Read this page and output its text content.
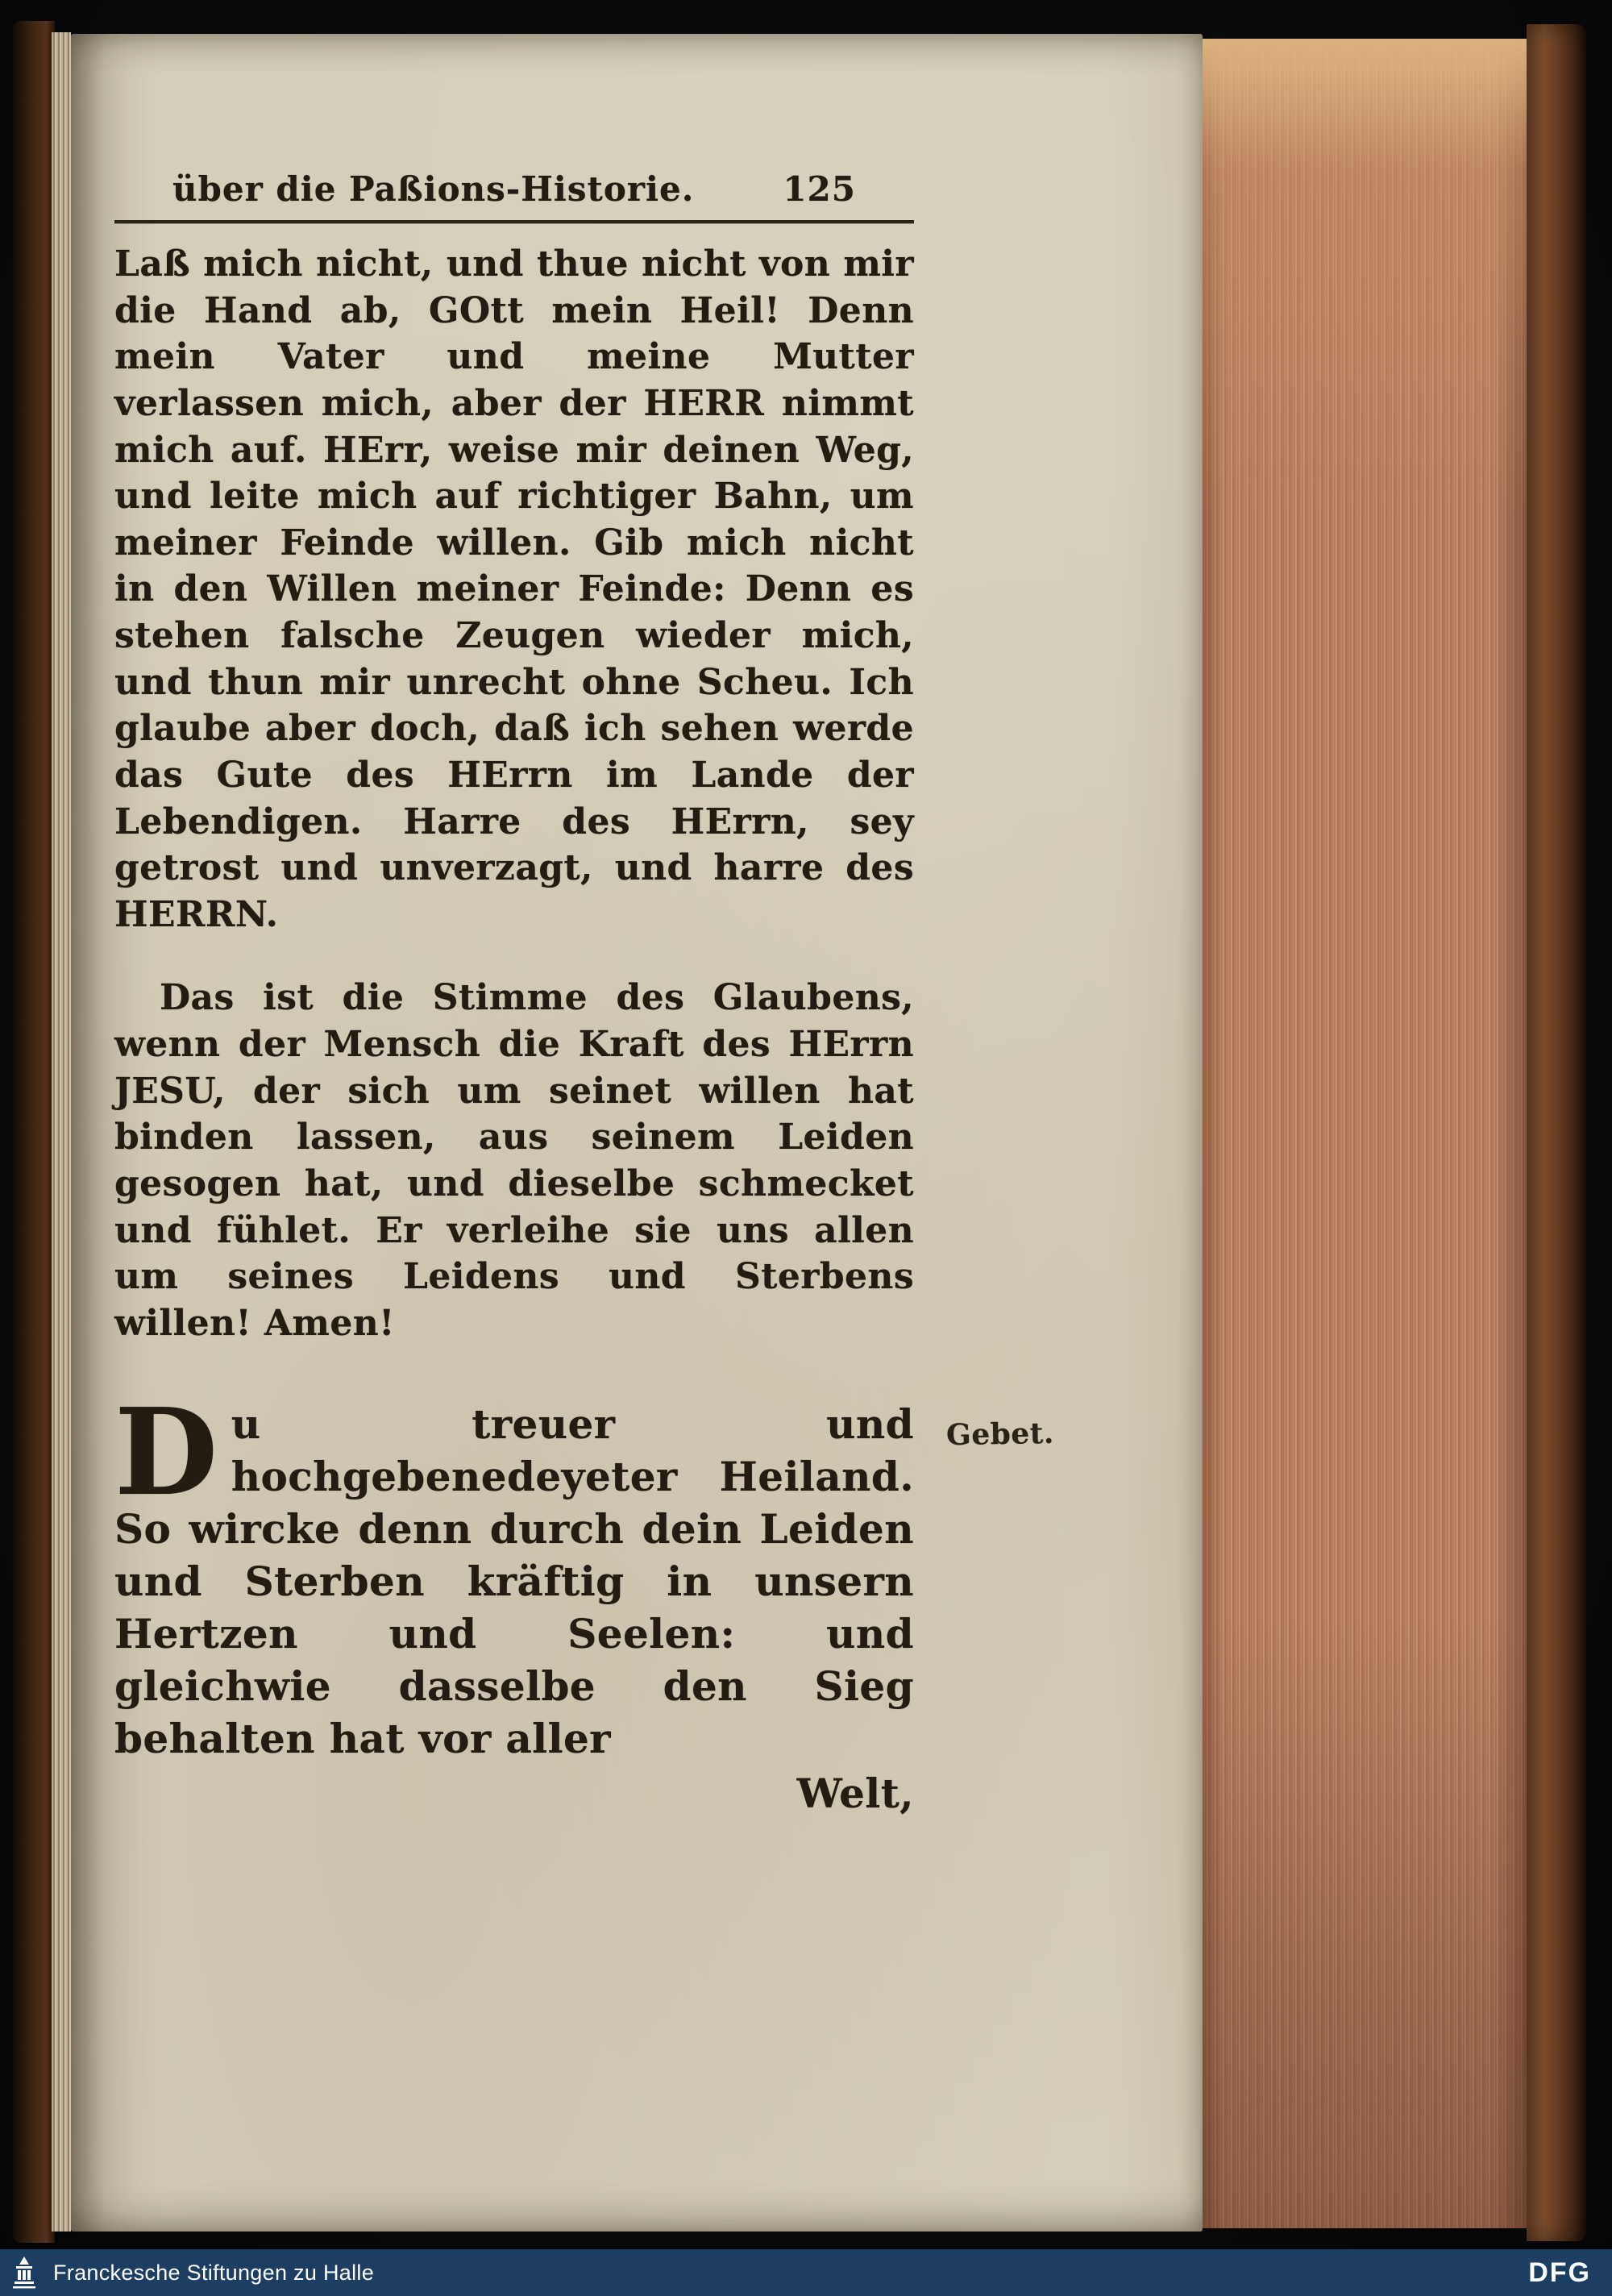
über die Paßions-Historie.	125

Laß mich nicht, und thue nicht von mir die Hand ab, GOtt mein Heil! Denn mein Vater und meine Mutter verlassen mich, aber der HERR nimmt mich auf. HErr, weise mir deinen Weg, und leite mich auf richtiger Bahn, um meiner Feinde willen. Gib mich nicht in den Willen meiner Feinde: Denn es stehen falsche Zeugen wieder mich, und thun mir unrecht ohne Scheu. Ich glaube aber doch, daß ich sehen werde das Gute des HErrn im Lande der Lebendigen. Harre des HErrn, sey getrost und unverzagt, und harre des HERRN.

Das ist die Stimme des Glaubens, wenn der Mensch die Kraft des HErrn JESU, der sich um seinet willen hat binden lassen, aus seinem Leiden gesogen hat, und dieselbe schmecket und fühlet. Er verleihe sie uns allen um seines Leidens und Sterbens willen! Amen!

Du treuer und hochgebenedeyeter Heiland. So wircke denn durch dein Leiden und Sterben kräftig in unsern Hertzen und Seelen: und gleichwie dasselbe den Sieg behalten hat vor aller
Welt,
Gebet.
Franckesche Stiftungen zu Halle	DFG
